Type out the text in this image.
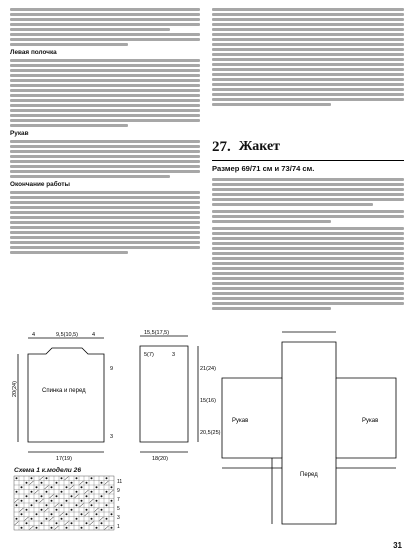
Левая полочка
Рукав
Окончание работы
4	9,5(10,5)	4	15,5(17,5)
20(24)
9
3
17(19)
Спинка и перед
5(7)	3
21(24)
15(16)
20,5(25)
18(20)
Схема 1 к.модели 26
11
9
7
5
3
1
27. Жакет
Размер 69/71 см и 73/74 см.
Рукав	Рукав
Перед
31
